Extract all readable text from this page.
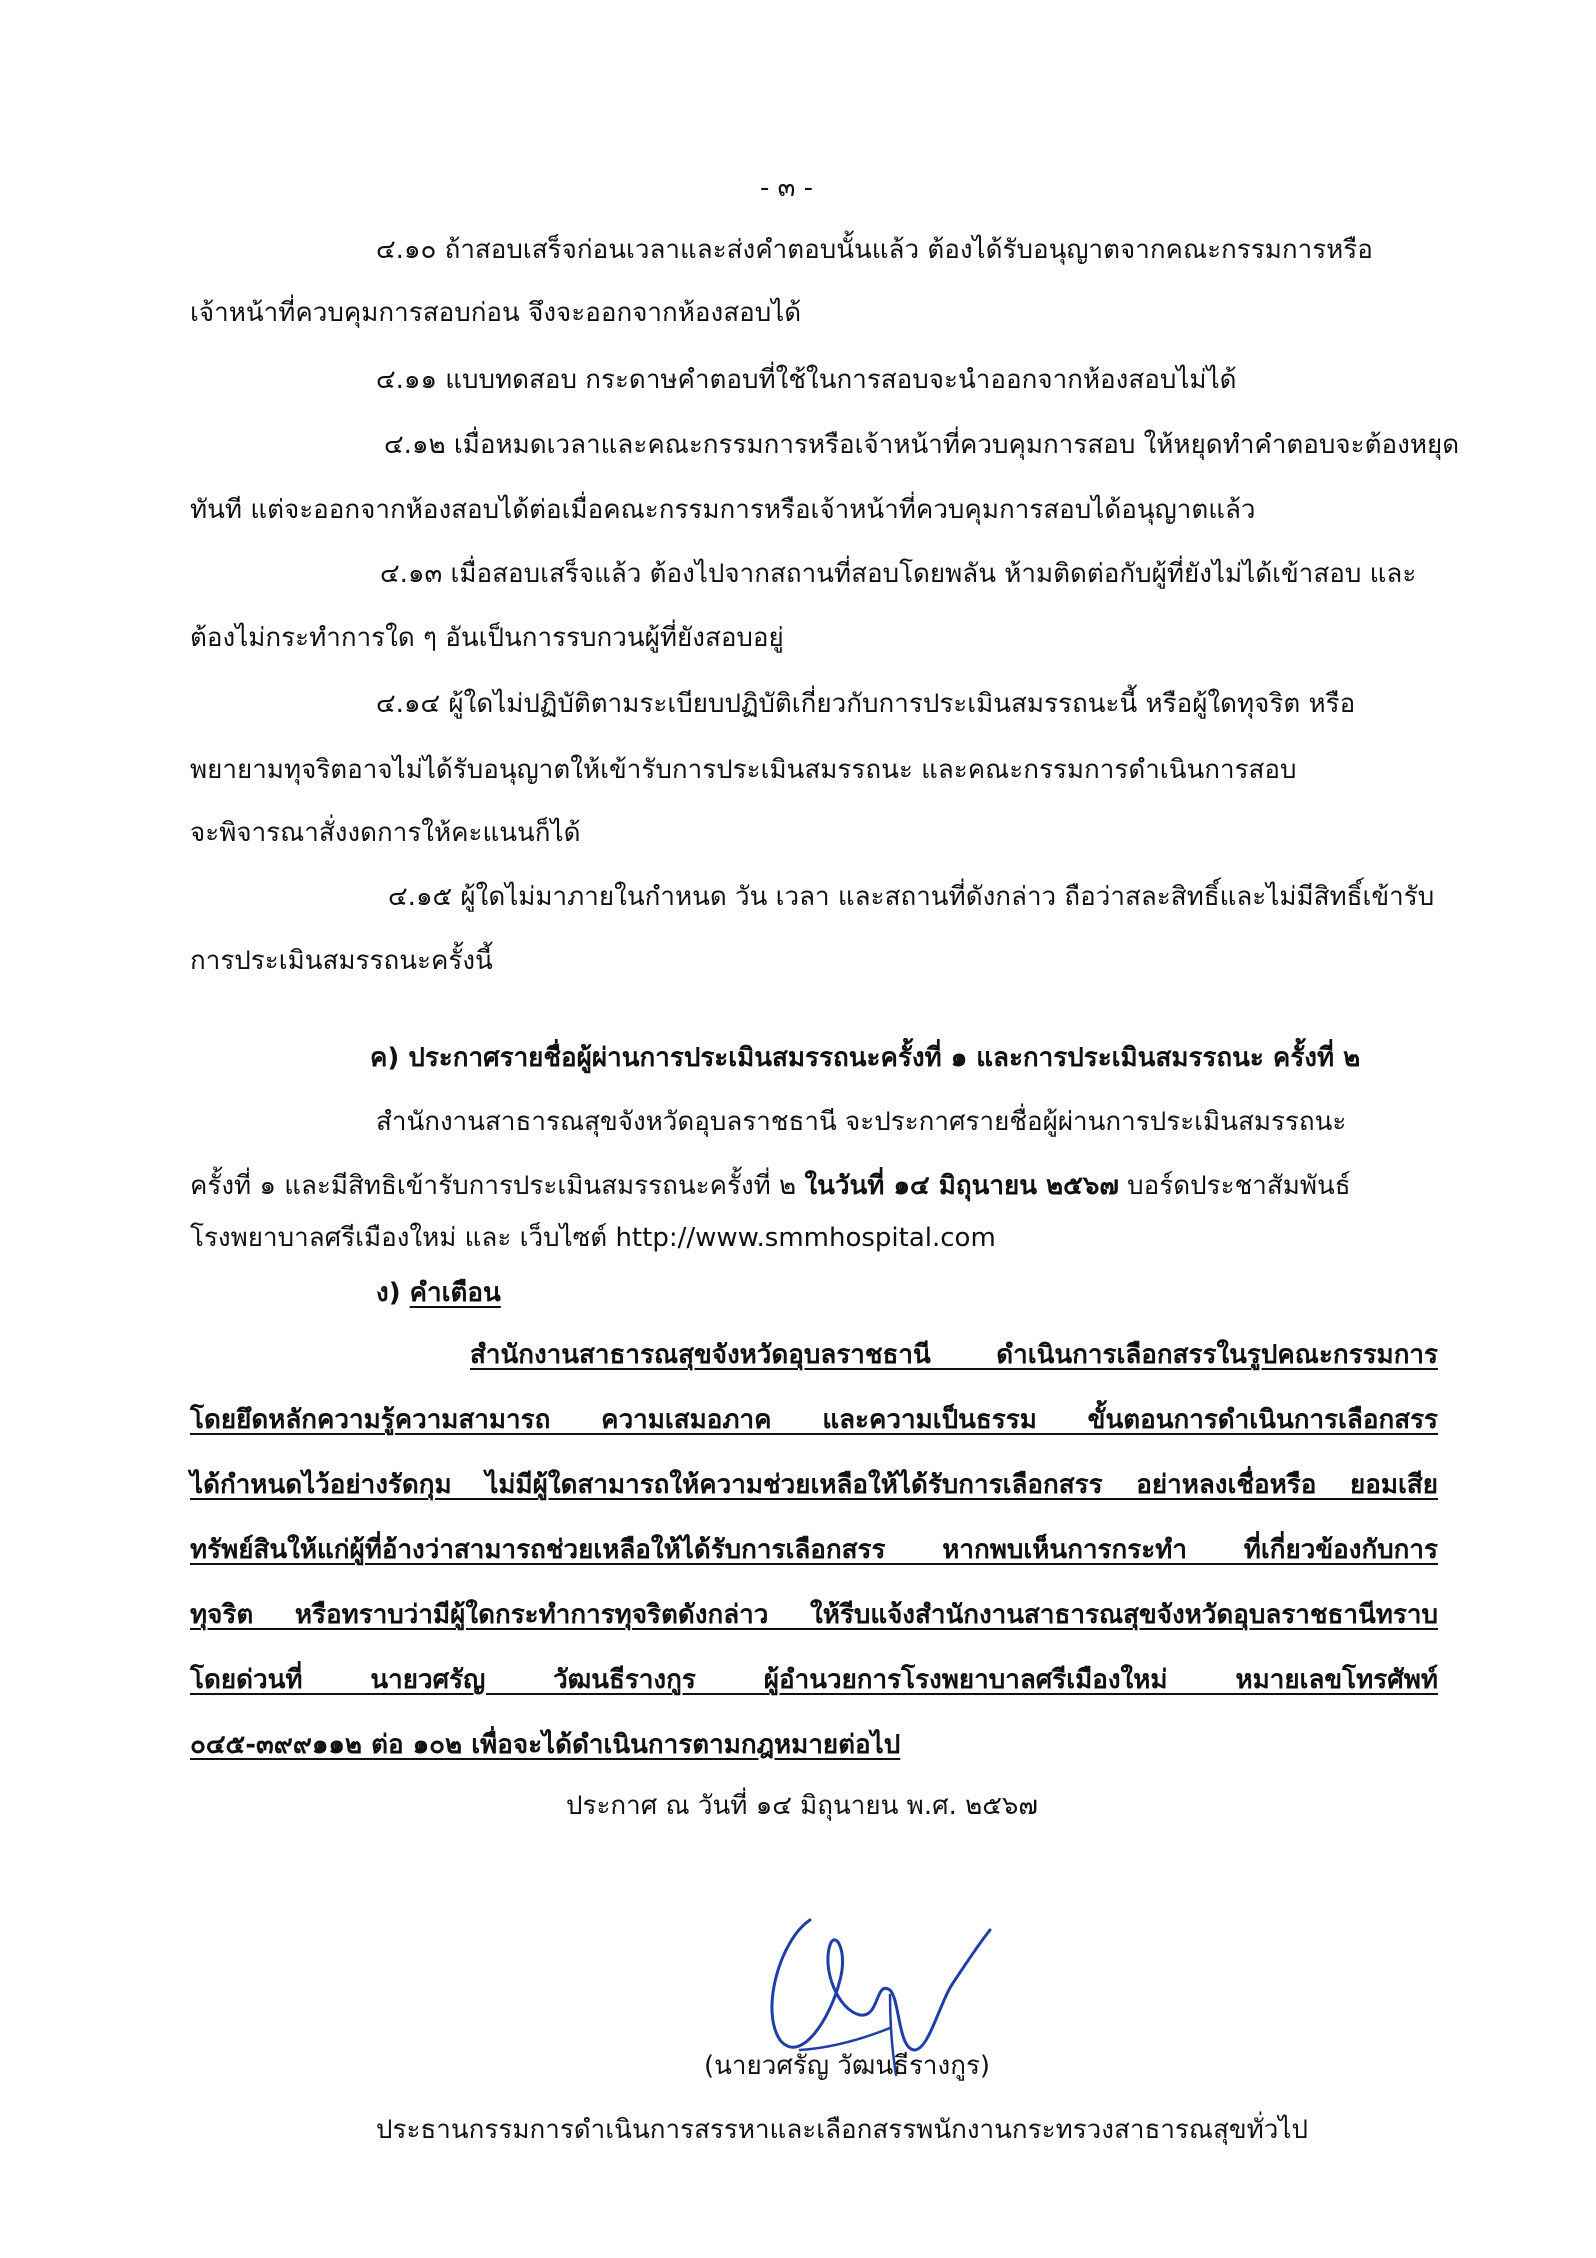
- ๓ -
๔.๑๐ ถ้าสอบเสร็จก่อนเวลาและส่งคำตอบนั้นแล้ว ต้องได้รับอนุญาตจากคณะกรรมการหรือ
เจ้าหน้าที่ควบคุมการสอบก่อน จึงจะออกจากห้องสอบได้
๔.๑๑ แบบทดสอบ กระดาษคำตอบที่ใช้ในการสอบจะนำออกจากห้องสอบไม่ได้
๔.๑๒ เมื่อหมดเวลาและคณะกรรมการหรือเจ้าหน้าที่ควบคุมการสอบ ให้หยุดทำคำตอบจะต้องหยุด
ทันที แต่จะออกจากห้องสอบได้ต่อเมื่อคณะกรรมการหรือเจ้าหน้าที่ควบคุมการสอบได้อนุญาตแล้ว
๔.๑๓ เมื่อสอบเสร็จแล้ว ต้องไปจากสถานที่สอบโดยพลัน ห้ามติดต่อกับผู้ที่ยังไม่ได้เข้าสอบ และ
ต้องไม่กระทำการใด ๆ อันเป็นการรบกวนผู้ที่ยังสอบอยู่
๔.๑๔ ผู้ใดไม่ปฏิบัติตามระเบียบปฏิบัติเกี่ยวกับการประเมินสมรรถนะนี้ หรือผู้ใดทุจริต หรือ
พยายามทุจริตอาจไม่ได้รับอนุญาตให้เข้ารับการประเมินสมรรถนะ และคณะกรรมการดำเนินการสอบ
จะพิจารณาสั่งงดการให้คะแนนก็ได้
๔.๑๕ ผู้ใดไม่มาภายในกำหนด วัน เวลา และสถานที่ดังกล่าว ถือว่าสละสิทธิ์และไม่มีสิทธิ์เข้ารับ
การประเมินสมรรถนะครั้งนี้
ค) ประกาศรายชื่อผู้ผ่านการประเมินสมรรถนะครั้งที่ ๑ และการประเมินสมรรถนะ ครั้งที่ ๒
สำนักงานสาธารณสุขจังหวัดอุบลราชธานี จะประกาศรายชื่อผู้ผ่านการประเมินสมรรถนะ
ครั้งที่ ๑ และมีสิทธิเข้ารับการประเมินสมรรถนะครั้งที่ ๒ ในวันที่ ๑๔ มิถุนายน ๒๕๖๗ บอร์ดประชาสัมพันธ์
โรงพยาบาลศรีเมืองใหม่ และ เว็บไซต์ http://www.smmhospital.com
ง) คำเตือน
สำนักงานสาธารณสุขจังหวัดอุบลราชธานี ดำเนินการเลือกสรรในรูปคณะกรรมการ
โดยยึดหลักความรู้ความสามารถ ความเสมอภาค และความเป็นธรรม ขั้นตอนการดำเนินการเลือกสรร
ได้กำหนดไว้อย่างรัดกุม ไม่มีผู้ใดสามารถให้ความช่วยเหลือให้ได้รับการเลือกสรร อย่าหลงเชื่อหรือ ยอมเสีย
ทรัพย์สินให้แก่ผู้ที่อ้างว่าสามารถช่วยเหลือให้ได้รับการเลือกสรร หากพบเห็นการกระทำ ที่เกี่ยวข้องกับการ
ทุจริต หรือทราบว่ามีผู้ใดกระทำการทุจริตดังกล่าว ให้รีบแจ้งสำนักงานสาธารณสุขจังหวัดอุบลราชธานีทราบ
โดยด่วนที่ นายวศรัญ วัฒนธีรางกูร ผู้อำนวยการโรงพยาบาลศรีเมืองใหม่ หมายเลขโทรศัพท์
๐๔๕-๓๙๙๑๑๒ ต่อ ๑๐๒ เพื่อจะได้ดำเนินการตามกฎหมายต่อไป
ประกาศ ณ วันที่ ๑๔ มิถุนายน พ.ศ. ๒๕๖๗
(นายวศรัญ วัฒนธีรางกูร)
ประธานกรรมการดำเนินการสรรหาและเลือกสรรพนักงานกระทรวงสาธารณสุขทั่วไป
